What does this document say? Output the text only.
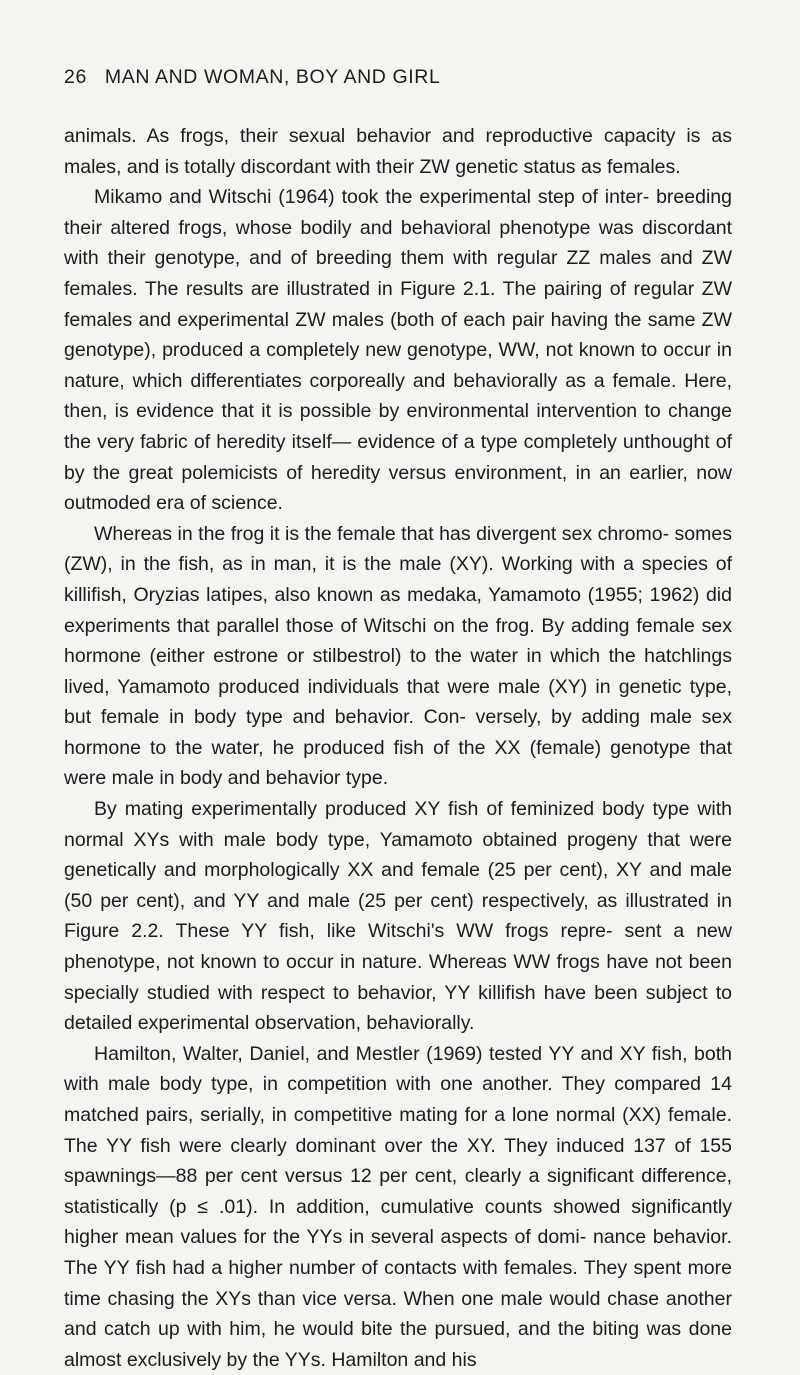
26 MAN AND WOMAN, BOY AND GIRL

animals. As frogs, their sexual behavior and reproductive capacity is as males, and is totally discordant with their ZW genetic status as females.

Mikamo and Witschi (1964) took the experimental step of inter- breeding their altered frogs, whose bodily and behavioral phenotype was discordant with their genotype, and of breeding them with regular ZZ males and ZW females. The results are illustrated in Figure 2.1. The pairing of regular ZW females and experimental ZW males (both of each pair having the same ZW genotype), produced a completely new genotype, WW, not known to occur in nature, which differentiates corporeally and behaviorally as a female. Here, then, is evidence that it is possible by environmental intervention to change the very fabric of heredity itself— evidence of a type completely unthought of by the great polemicists of heredity versus environment, in an earlier, now outmoded era of science.

Whereas in the frog it is the female that has divergent sex chromo- somes (ZW), in the fish, as in man, it is the male (XY). Working with a species of killifish, Oryzias latipes, also known as medaka, Yamamoto (1955; 1962) did experiments that parallel those of Witschi on the frog. By adding female sex hormone (either estrone or stilbestrol) to the water in which the hatchlings lived, Yamamoto produced individuals that were male (XY) in genetic type, but female in body type and behavior. Con- versely, by adding male sex hormone to the water, he produced fish of the XX (female) genotype that were male in body and behavior type.

By mating experimentally produced XY fish of feminized body type with normal XYs with male body type, Yamamoto obtained progeny that were genetically and morphologically XX and female (25 per cent), XY and male (50 per cent), and YY and male (25 per cent) respectively, as illustrated in Figure 2.2. These YY fish, like Witschi's WW frogs repre- sent a new phenotype, not known to occur in nature. Whereas WW frogs have not been specially studied with respect to behavior, YY killifish have been subject to detailed experimental observation, behaviorally.

Hamilton, Walter, Daniel, and Mestler (1969) tested YY and XY fish, both with male body type, in competition with one another. They compared 14 matched pairs, serially, in competitive mating for a lone normal (XX) female. The YY fish were clearly dominant over the XY. They induced 137 of 155 spawnings—88 per cent versus 12 per cent, clearly a significant difference, statistically (p ≤ .01). In addition, cumulative counts showed significantly higher mean values for the YYs in several aspects of domi- nance behavior. The YY fish had a higher number of contacts with females. They spent more time chasing the XYs than vice versa. When one male would chase another and catch up with him, he would bite the pursued, and the biting was done almost exclusively by the YYs. Hamilton and his
